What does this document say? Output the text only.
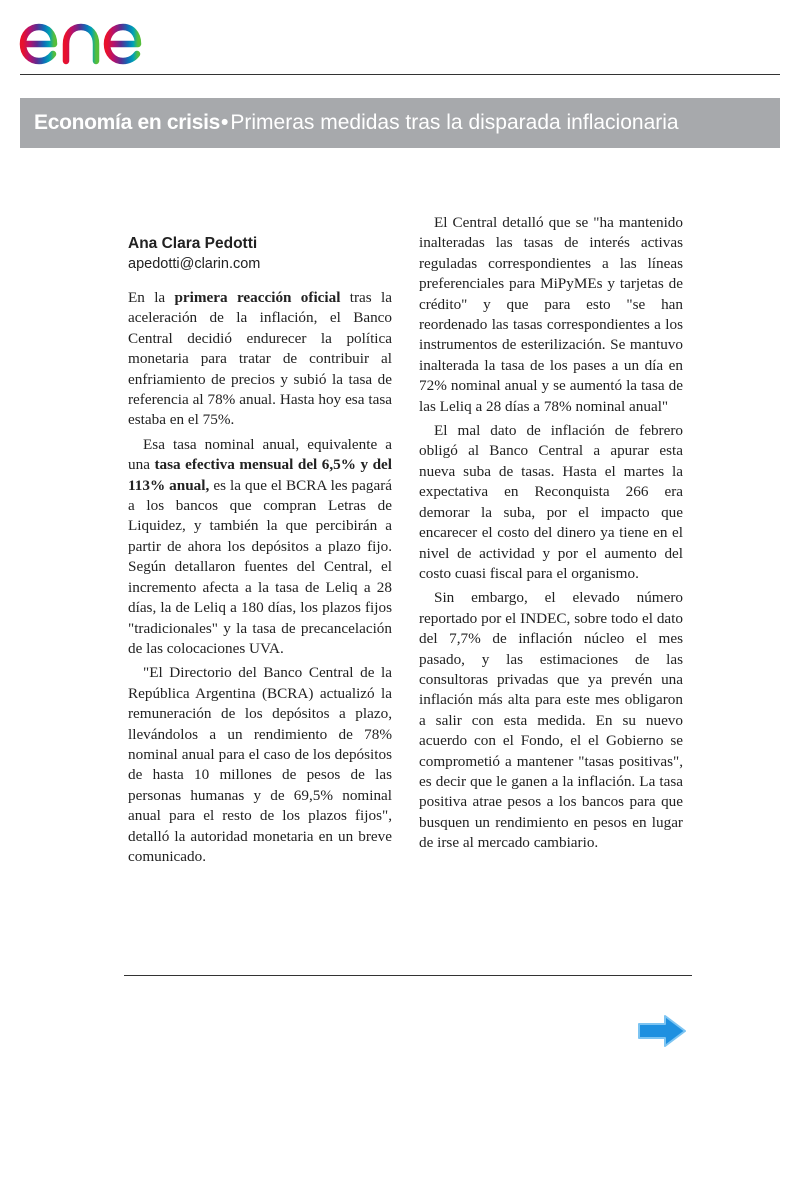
Economía en crisis • Primeras medidas tras la disparada inflacionaria
Ana Clara Pedotti
apedotti@clarin.com

En la primera reacción oficial tras la aceleración de la inflación, el Banco Central decidió endurecer la política monetaria para tratar de contribuir al enfriamiento de precios y subió la tasa de referencia al 78% anual. Hasta hoy esa tasa estaba en el 75%.

Esa tasa nominal anual, equivalente a una tasa efectiva mensual del 6,5% y del 113% anual, es la que el BCRA les pagará a los bancos que compran Letras de Liquidez, y también la que percibirán a partir de ahora los depósitos a plazo fijo. Según detallaron fuentes del Central, el incremento afecta a la tasa de Leliq a 28 días, la de Leliq a 180 días, los plazos fijos "tradicionales" y la tasa de precancelación de las colocaciones UVA.

"El Directorio del Banco Central de la República Argentina (BCRA) actualizó la remuneración de los depósitos a plazo, llevándolos a un rendimiento de 78% nominal anual para el caso de los depósitos de hasta 10 millones de pesos de las personas humanas y de 69,5% nominal anual para el resto de los plazos fijos", detalló la autoridad monetaria en un breve comunicado.

El Central detalló que se "ha mantenido inalteradas las tasas de interés activas reguladas correspondientes a las líneas preferenciales para MiPyMEs y tarjetas de crédito" y que para esto "se han reordenado las tasas correspondientes a los instrumentos de esterilización. Se mantuvo inalterada la tasa de los pases a un día en 72% nominal anual y se aumentó la tasa de las Leliq a 28 días a 78% nominal anual"

El mal dato de inflación de febrero obligó al Banco Central a apurar esta nueva suba de tasas. Hasta el martes la expectativa en Reconquista 266 era demorar la suba, por el impacto que encarecer el costo del dinero ya tiene en el nivel de actividad y por el aumento del costo cuasi fiscal para el organismo.

Sin embargo, el elevado número reportado por el INDEC, sobre todo el dato del 7,7% de inflación núcleo el mes pasado, y las estimaciones de las consultoras privadas que ya prevén una inflación más alta para este mes obligaron a salir con esta medida. En su nuevo acuerdo con el Fondo, el el Gobierno se comprometió a mantener "tasas positivas", es decir que le ganen a la inflación. La tasa positiva atrae pesos a los bancos para que busquen un rendimiento en pesos en lugar de irse al mercado cambiario.
